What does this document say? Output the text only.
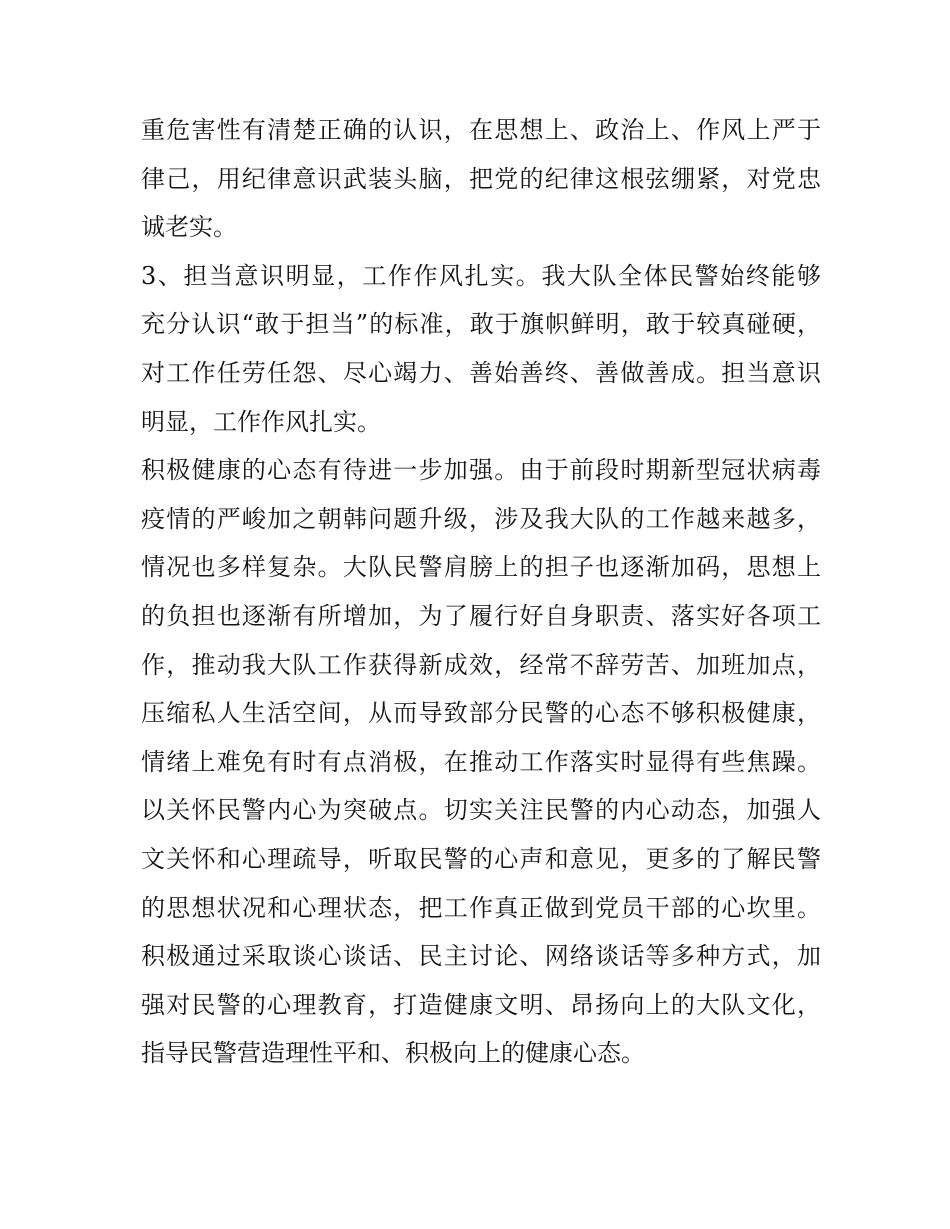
重危害性有清楚正确的认识，在思想上、政治上、作风上严于
律己，用纪律意识武装头脑，把党的纪律这根弦绷紧，对党忠
诚老实。
3、担当意识明显，工作作风扎实。我大队全体民警始终能够
充分认识“敢于担当”的标准，敢于旗帜鲜明，敢于较真碰硬，
对工作任劳任怨、尽心竭力、善始善终、善做善成。担当意识
明显，工作作风扎实。
积极健康的心态有待进一步加强。由于前段时期新型冠状病毒
疫情的严峻加之朝韩问题升级，涉及我大队的工作越来越多，
情况也多样复杂。大队民警肩膀上的担子也逐渐加码，思想上
的负担也逐渐有所增加，为了履行好自身职责、落实好各项工
作，推动我大队工作获得新成效，经常不辞劳苦、加班加点，
压缩私人生活空间，从而导致部分民警的心态不够积极健康，
情绪上难免有时有点消极，在推动工作落实时显得有些焦躁。
以关怀民警内心为突破点。切实关注民警的内心动态，加强人
文关怀和心理疏导，听取民警的心声和意见，更多的了解民警
的思想状况和心理状态，把工作真正做到党员干部的心坎里。
积极通过采取谈心谈话、民主讨论、网络谈话等多种方式，加
强对民警的心理教育，打造健康文明、昂扬向上的大队文化，
指导民警营造理性平和、积极向上的健康心态。
